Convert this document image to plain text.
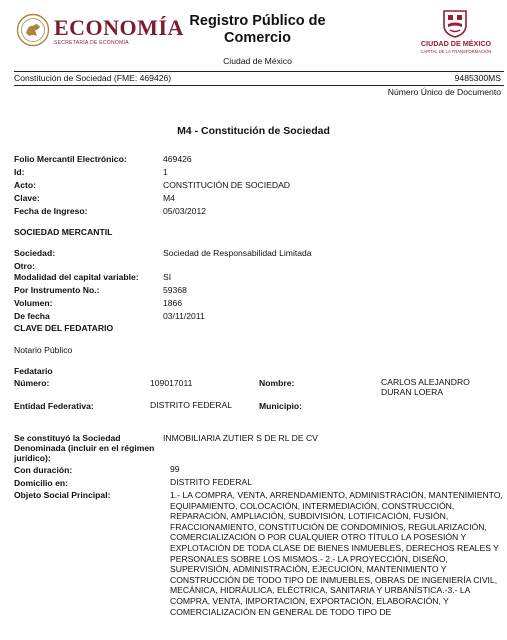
ECONOMÍA
SECRETARÍA DE ECONOMÍA
Registro Público de Comercio
Ciudad de México
CIUDAD DE MÉXICO
CAPITAL DE LA TRANSFORMACIÓN
Constitución de Sociedad (FME: 469426)	9485300MS
Número Único de Documento
M4 - Constitución de Sociedad
Folio Mercantil Electrónico:	469426
Id:	1
Acto:	CONSTITUCIÓN DE SOCIEDAD
Clave:	M4
Fecha de Ingreso:	05/03/2012
SOCIEDAD MERCANTIL
Sociedad:	Sociedad de Responsabilidad Limitada
Otro:
Modalidad del capital variable:	SI
Por Instrumento No.:	59368
Volumen:	1866
De fecha	03/11/2011
CLAVE DEL FEDATARIO
Notario Público
Fedatario
Número:	109017011	Nombre:	CARLOS ALEJANDRO
DURAN LOERA
Entidad Federativa:	DISTRITO FEDERAL	Municipio:
Se constituyó la Sociedad
Denominada (incluir en el régimen
jurídico):
INMOBILIARIA ZUTIER S DE RL DE CV
Con duración:	99
Domicilio en:	DISTRITO FEDERAL
Objeto Social Principal:	1.- LA COMPRA, VENTA, ARRENDAMIENTO, ADMINISTRACIÓN, MANTENIMIENTO, EQUIPAMIENTO, COLOCACIÓN, INTERMEDIACIÓN, CONSTRUCCIÓN, REPARACIÓN, AMPLIACIÓN, SUBDIVISIÓN, LOTIFICACIÓN, FUSIÓN, FRACCIONAMIENTO, CONSTITUCIÓN DE CONDOMINIOS, REGULARIZACIÓN, COMERCIALIZACIÓN O POR CUALQUIER OTRO TÍTULO LA POSESIÓN Y EXPLOTACIÓN DE TODA CLASE DE BIENES INMUEBLES, DERECHOS REALES Y PERSONALES SOBRE LOS MISMOS.- 2.- LA PROYECCIÓN, DISEÑO, SUPERVISIÓN, ADMINISTRACIÓN, EJECUCIÓN, MANTENIMIENTO Y CONSTRUCCIÓN DE TODO TIPO DE INMUEBLES, OBRAS DE INGENIERÍA CIVIL, MECÁNICA, HIDRÁULICA, ELÉCTRICA, SANITARIA Y URBANÍSTICA.-3.- LA COMPRA, VENTA, IMPORTACIÓN, EXPORTACIÓN, ELABORACIÓN, Y COMERCIALIZACIÓN EN GENERAL DE TODO TIPO DE
